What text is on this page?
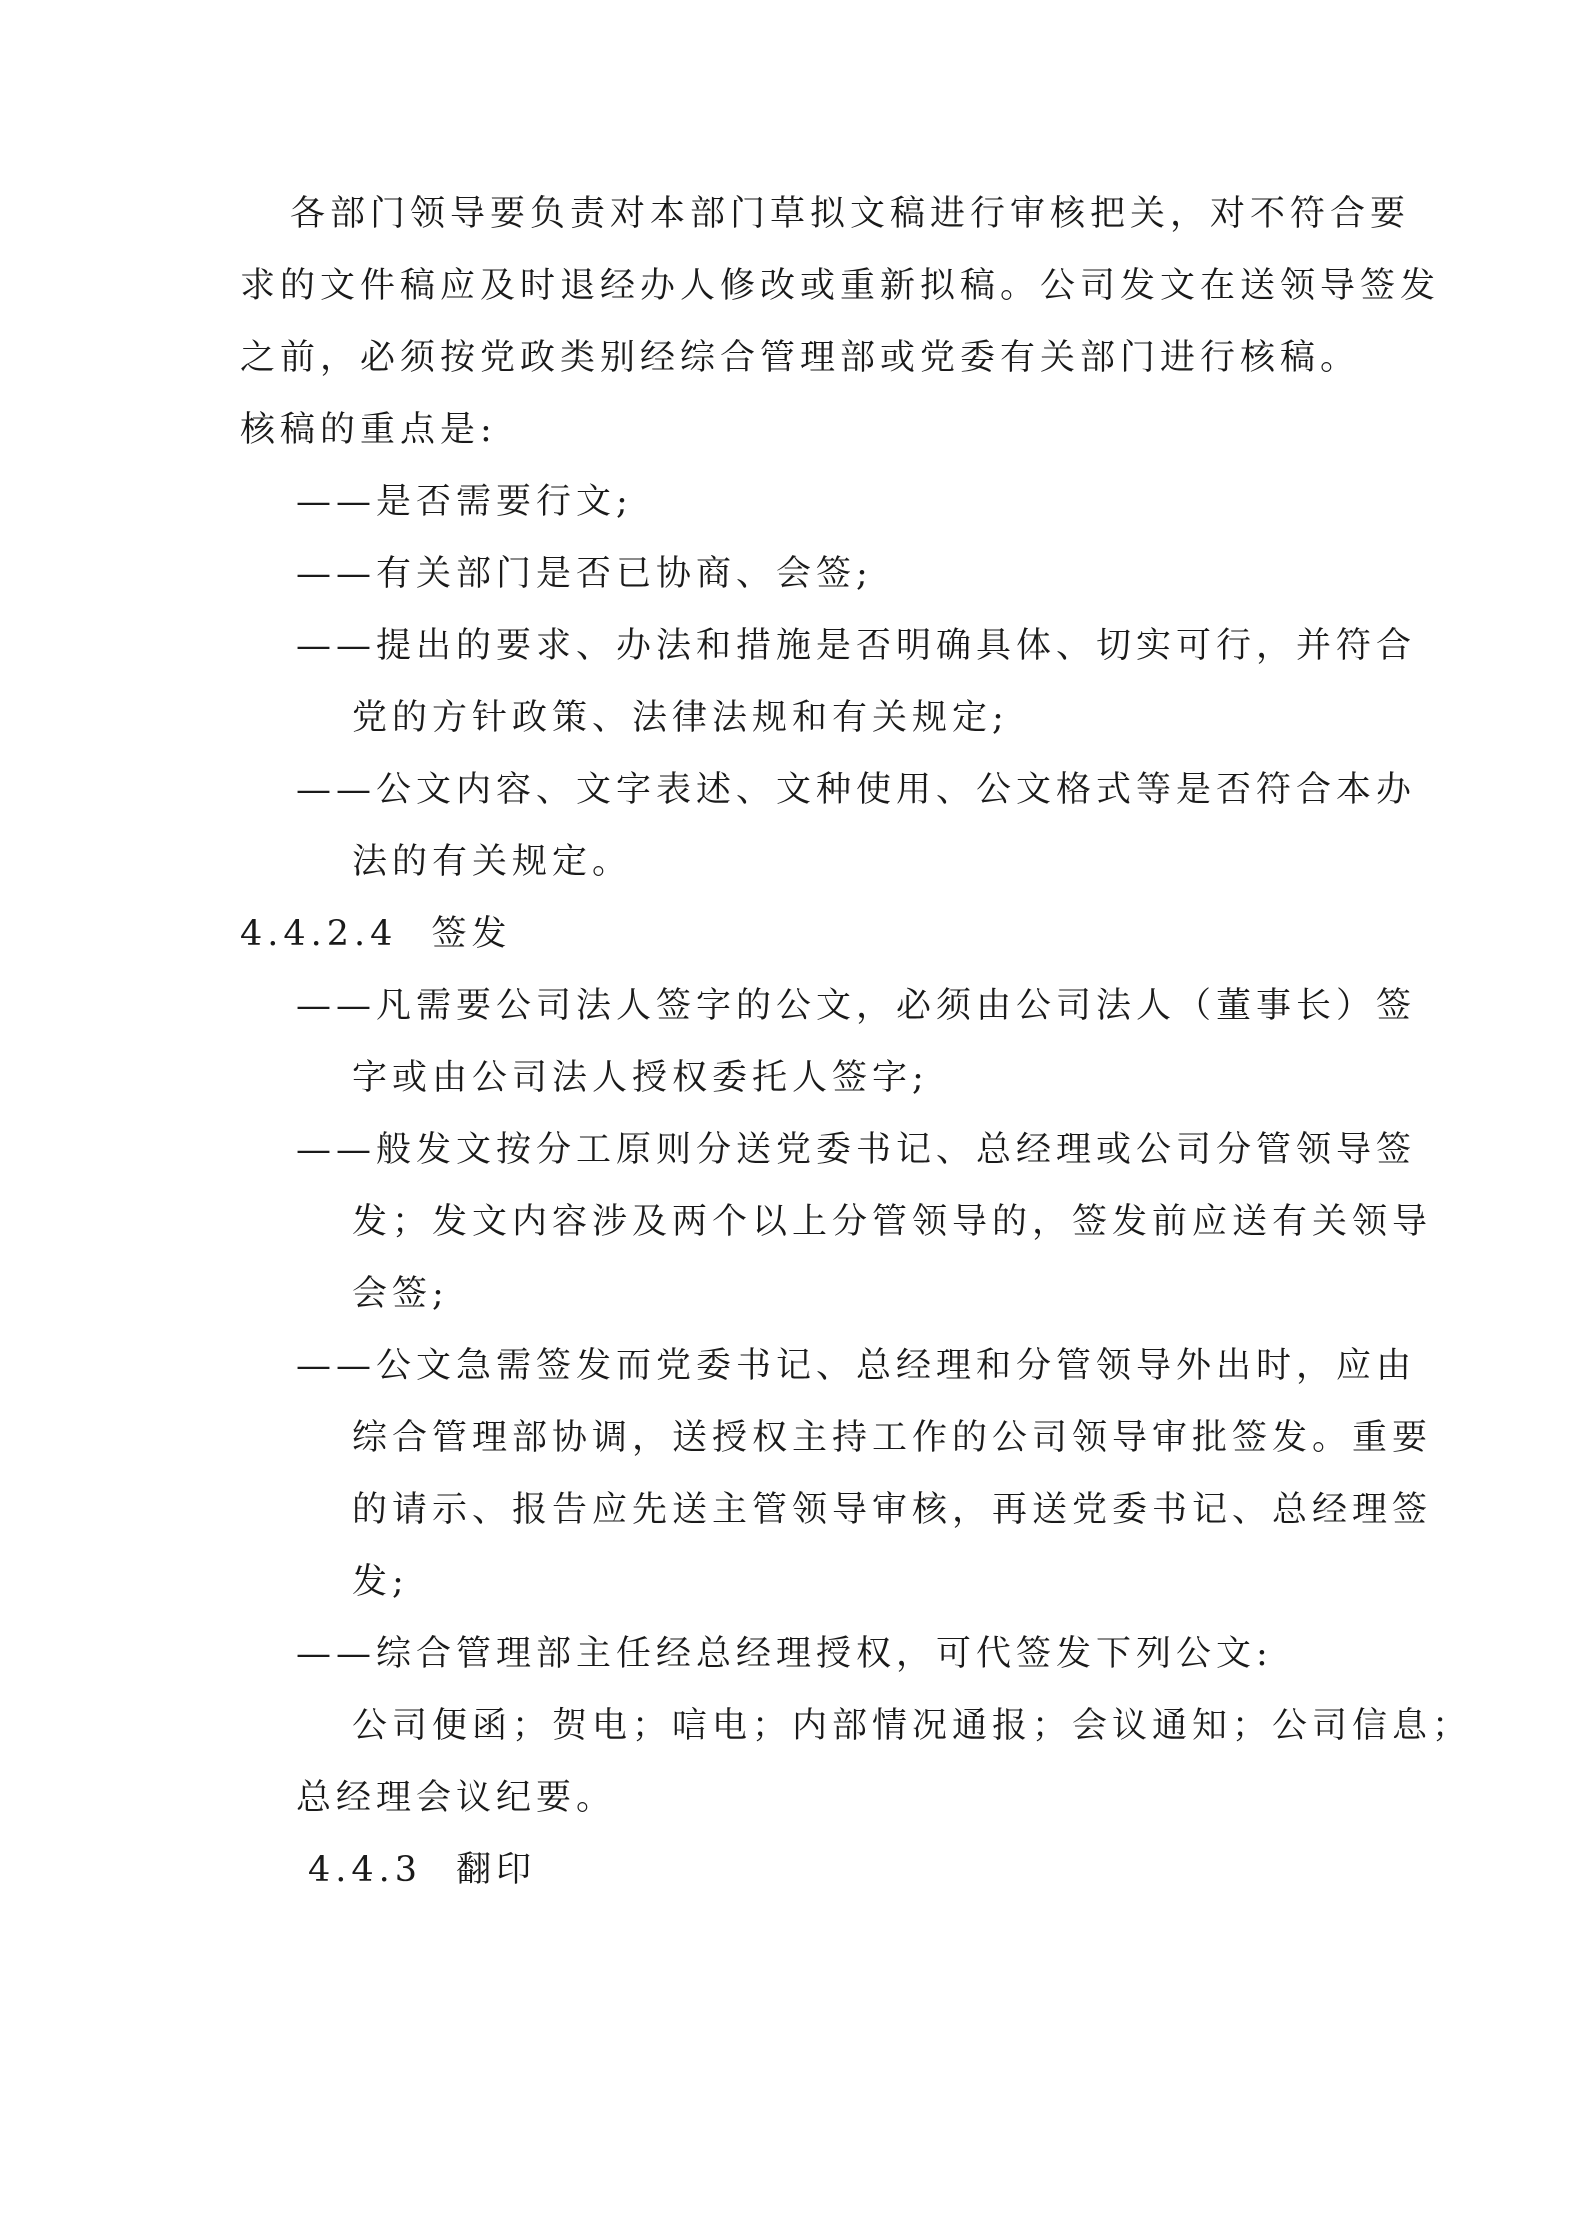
各部门领导要负责对本部门草拟文稿进行审核把关，对不符合要

求的文件稿应及时退经办人修改或重新拟稿。公司发文在送领导签发

之前，必须按党政类别经综合管理部或党委有关部门进行核稿。

核稿的重点是:

——是否需要行文;

——有关部门是否已协商、会签;

——提出的要求、办法和措施是否明确具体、切实可行，并符合

党的方针政策、法律法规和有关规定;

——公文内容、文字表述、文种使用、公文格式等是否符合本办

法的有关规定。

4.4.2.4 签发

——凡需要公司法人签字的公文，必须由公司法人（董事长）签

字或由公司法人授权委托人签字;

——般发文按分工原则分送党委书记、总经理或公司分管领导签

发；发文内容涉及两个以上分管领导的，签发前应送有关领导

会签;

——公文急需签发而党委书记、总经理和分管领导外出时，应由

综合管理部协调，送授权主持工作的公司领导审批签发。重要

的请示、报告应先送主管领导审核，再送党委书记、总经理签

发;

——综合管理部主任经总经理授权，可代签发下列公文:

公司便函；贺电；唁电；内部情况通报；会议通知；公司信息；

总经理会议纪要。

4.4.3 翻印
